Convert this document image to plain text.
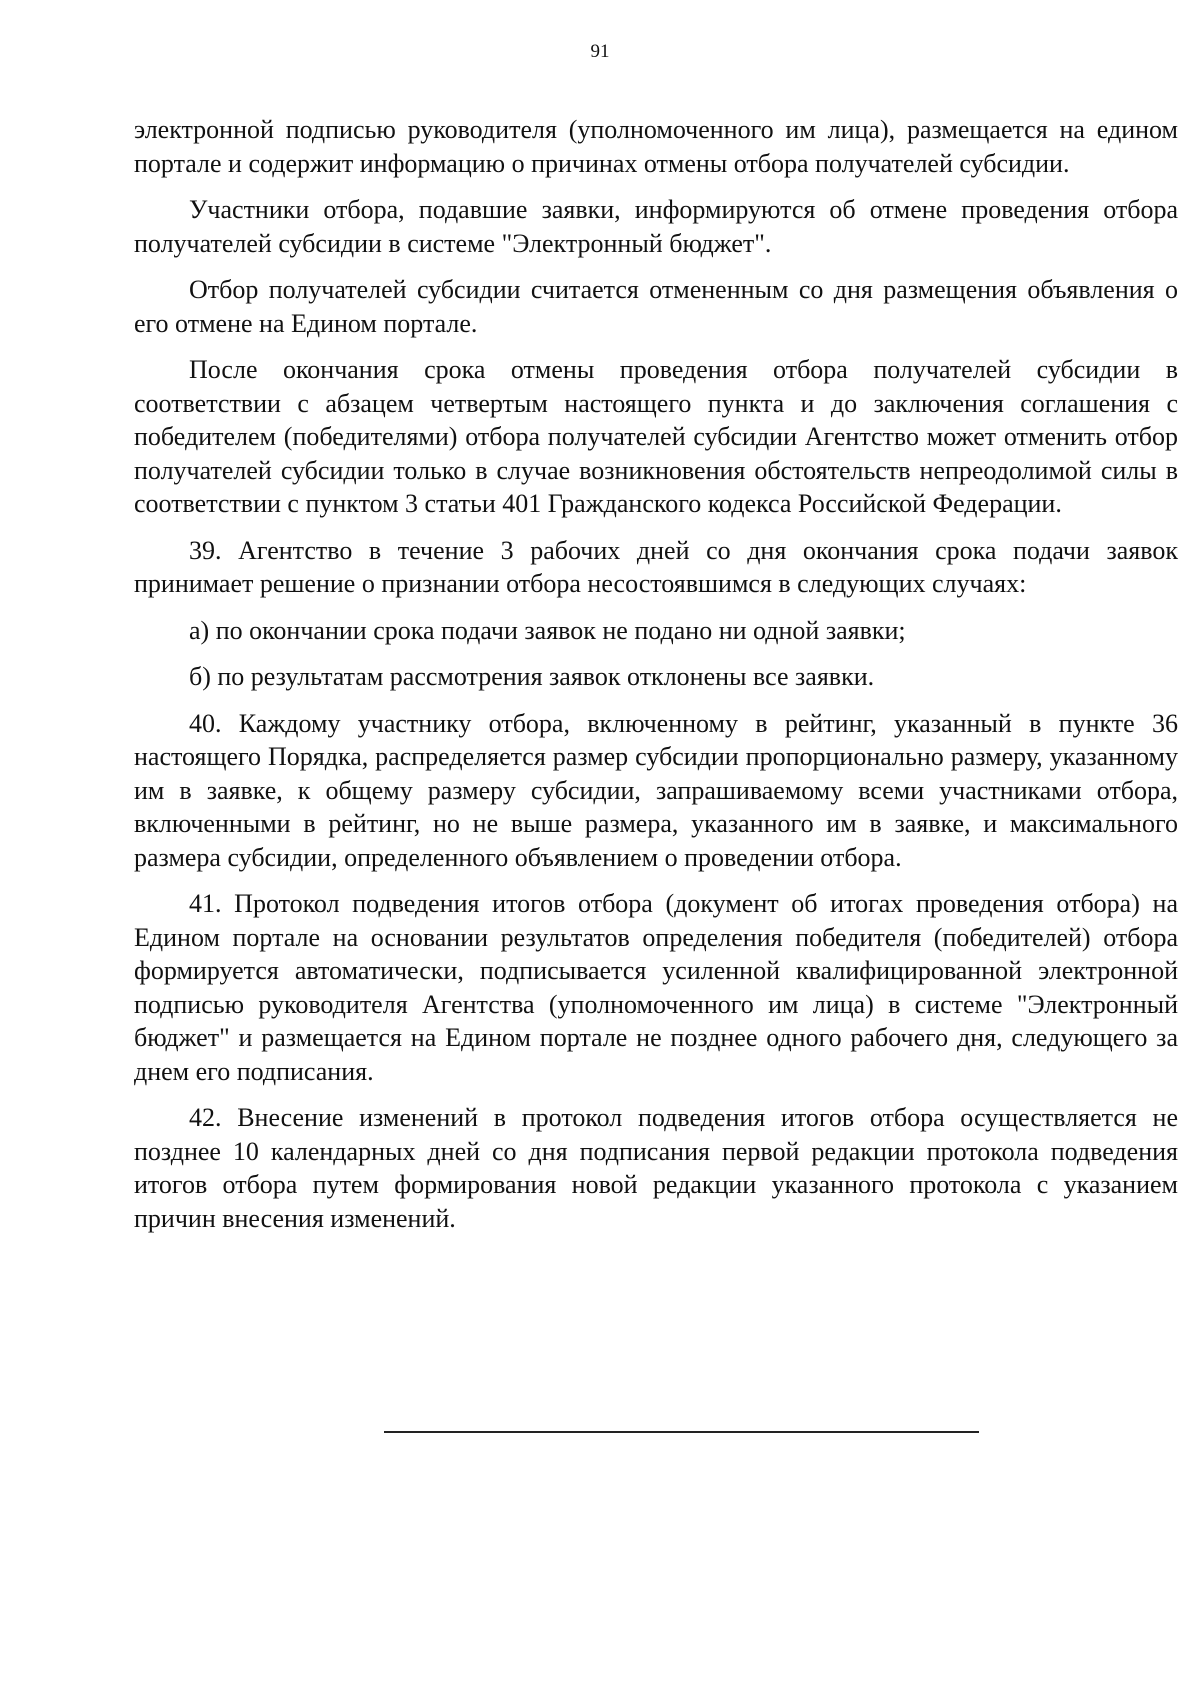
91

электронной подписью руководителя (уполномоченного им лица), размещается на едином портале и содержит информацию о причинах отмены отбора получателей субсидии.

Участники отбора, подавшие заявки, информируются об отмене проведения отбора получателей субсидии в системе "Электронный бюджет".

Отбор получателей субсидии считается отмененным со дня размещения объявления о его отмене на Едином портале.

После окончания срока отмены проведения отбора получателей субсидии в соответствии с абзацем четвертым настоящего пункта и до заключения соглашения с победителем (победителями) отбора получателей субсидии Агентство может отменить отбор получателей субсидии только в случае возникновения обстоятельств непреодолимой силы в соответствии с пунктом 3 статьи 401 Гражданского кодекса Российской Федерации.

39. Агентство в течение 3 рабочих дней со дня окончания срока подачи заявок принимает решение о признании отбора несостоявшимся в следующих случаях:

а) по окончании срока подачи заявок не подано ни одной заявки;

б) по результатам рассмотрения заявок отклонены все заявки.

40. Каждому участнику отбора, включенному в рейтинг, указанный в пункте 36 настоящего Порядка, распределяется размер субсидии пропорционально размеру, указанному им в заявке, к общему размеру субсидии, запрашиваемому всеми участниками отбора, включенными в рейтинг, но не выше размера, указанного им в заявке, и максимального размера субсидии, определенного объявлением о проведении отбора.

41. Протокол подведения итогов отбора (документ об итогах проведения отбора) на Едином портале на основании результатов определения победителя (победителей) отбора формируется автоматически, подписывается усиленной квалифицированной электронной подписью руководителя Агентства (уполномоченного им лица) в системе "Электронный бюджет" и размещается на Едином портале не позднее одного рабочего дня, следующего за днем его подписания.

42. Внесение изменений в протокол подведения итогов отбора осуществляется не позднее 10 календарных дней со дня подписания первой редакции протокола подведения итогов отбора путем формирования новой редакции указанного протокола с указанием причин внесения изменений.
